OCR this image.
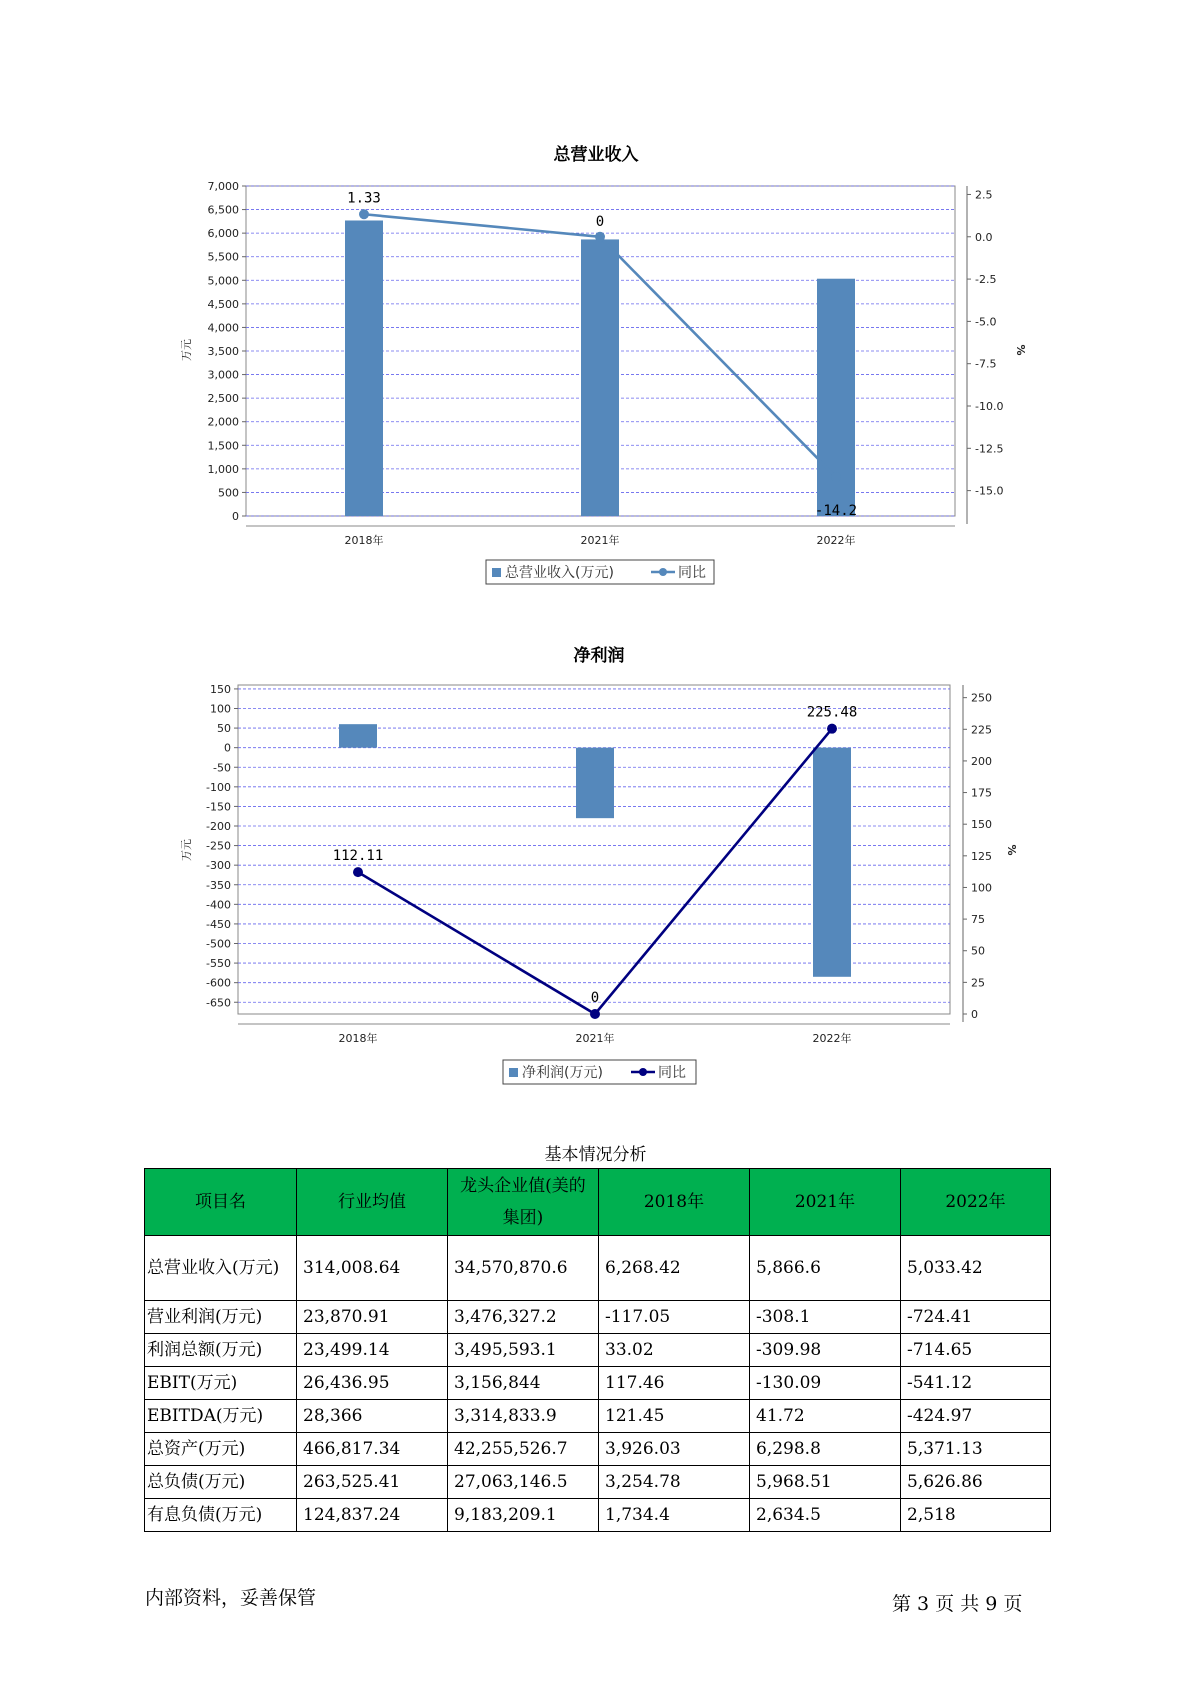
总营业收入
7,000
6,500
6,000
5,500
5,000
4,500
4,000
3,500
3,000
2,500
2,000
1,500
1,000
500
0
2.5
0.0
-2.5
-5.0
-7.5
-10.0
-12.5
-15.0
万元	%
2018年	2021年	2022年
1.33
0
-14.2
总营业收入(万元)	同比
净利润
150
100
50
0
-50
-100
-150
-200
-250
-300
-350
-400
-450
-500
-550
-600
-650
250
225
200
175
150
125
100
75
50
25
0
万元	%
2018年	2021年	2022年
112.11
0
225.48
净利润(万元)	同比
基本情况分析
项目名	行业均值	龙头企业值(美的集团)	2018年	2021年	2022年
总营业收入(万元)	314,008.64	34,570,870.6	6,268.42	5,866.6	5,033.42
营业利润(万元)	23,870.91	3,476,327.2	-117.05	-308.1	-724.41
利润总额(万元)	23,499.14	3,495,593.1	33.02	-309.98	-714.65
EBIT(万元)	26,436.95	3,156,844	117.46	-130.09	-541.12
EBITDA(万元)	28,366	3,314,833.9	121.45	41.72	-424.97
总资产(万元)	466,817.34	42,255,526.7	3,926.03	6,298.8	5,371.13
总负债(万元)	263,525.41	27,063,146.5	3,254.78	5,968.51	5,626.86
有息负债(万元)	124,837.24	9,183,209.1	1,734.4	2,634.5	2,518
内部资料，妥善保管	第 3 页 共 9 页
